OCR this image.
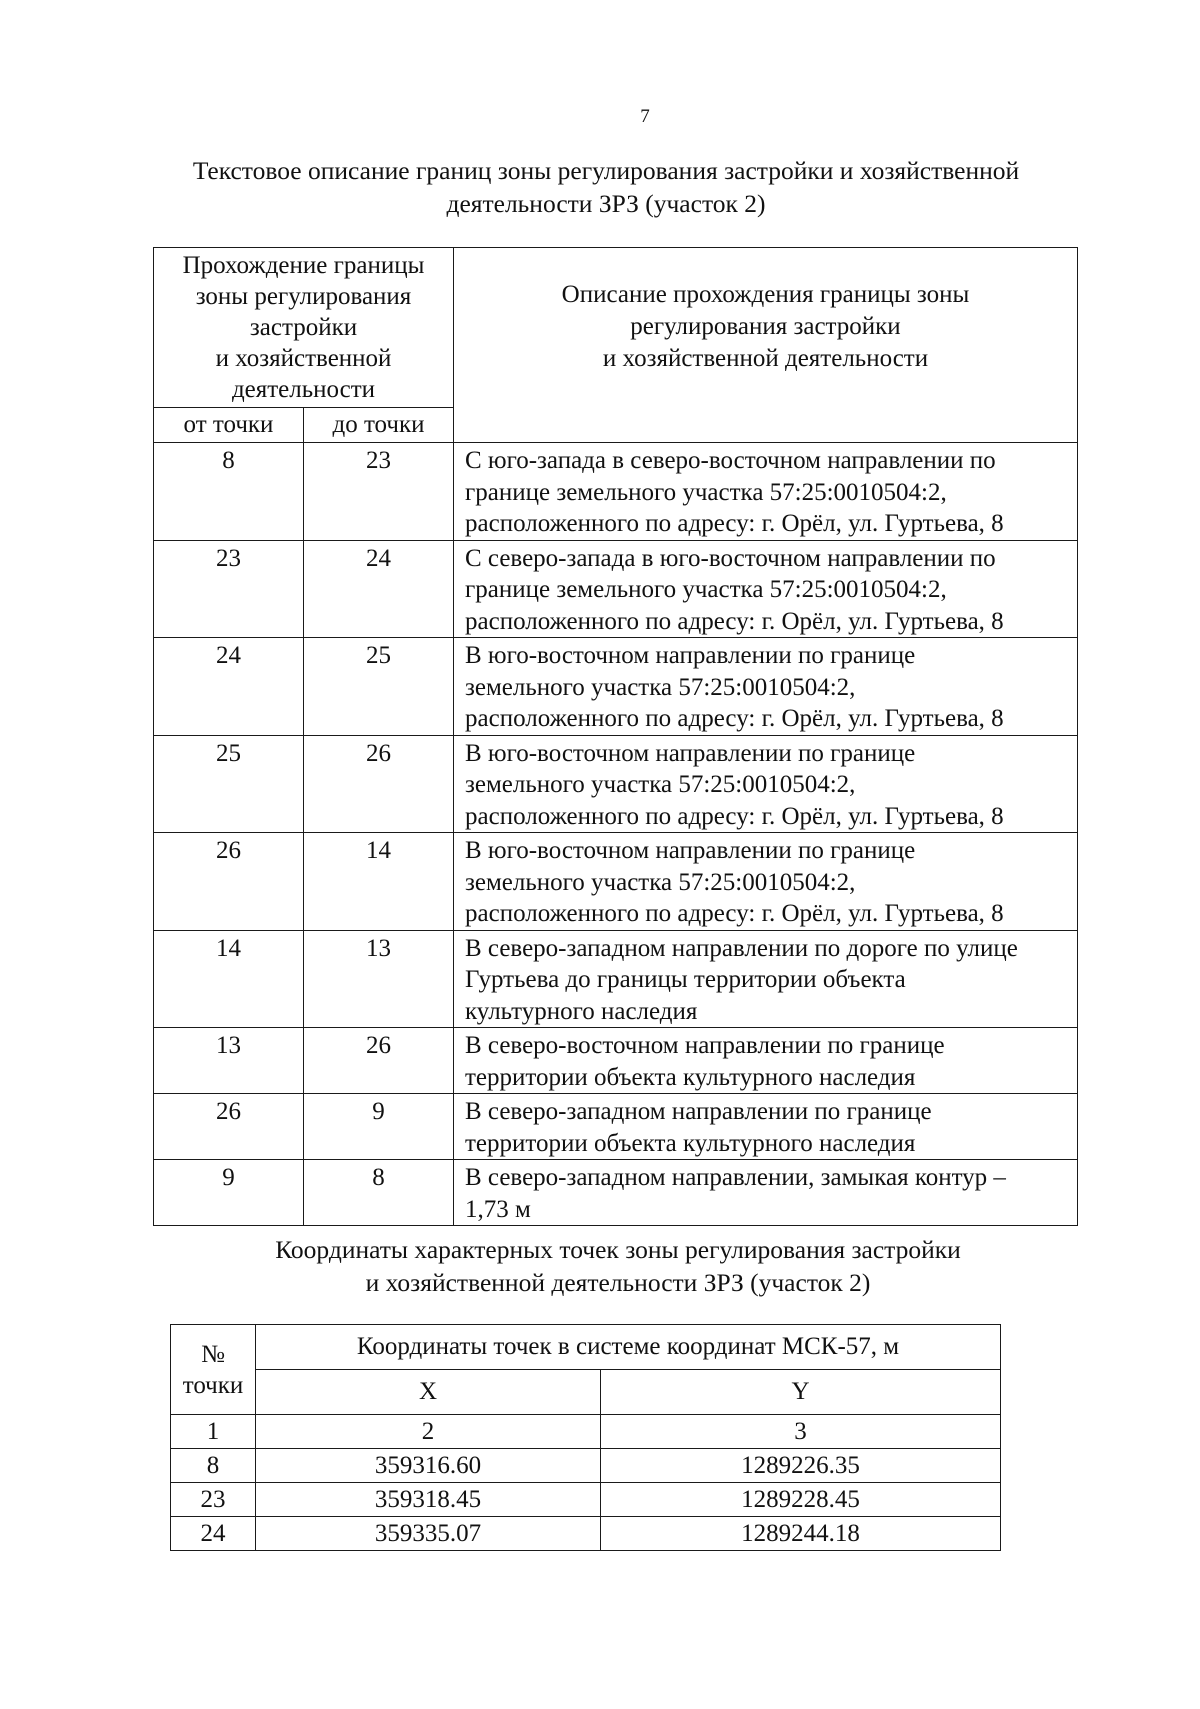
7
Текстовое описание границ зоны регулирования застройки и хозяйственной
деятельности ЗРЗ (участок 2)
Прохождение границы
зоны регулирования
застройки
и хозяйственной
деятельности		Описание прохождения границы зоны
регулирования застройки
и хозяйственной деятельности

от точки	до точки	
8	23	С юго-запада в северо-восточном направлении по
границе земельного участка 57:25:0010504:2,
расположенного по адресу: г. Орёл, ул. Гуртьева, 8

23	24	С северо-запада в юго-восточном направлении по
границе земельного участка 57:25:0010504:2,
расположенного по адресу: г. Орёл, ул. Гуртьева, 8

24	25	В юго-восточном направлении по границе
земельного участка 57:25:0010504:2,
расположенного по адресу: г. Орёл, ул. Гуртьева, 8

25	26	В юго-восточном направлении по границе
земельного участка 57:25:0010504:2,
расположенного по адресу: г. Орёл, ул. Гуртьева, 8

26	14	В юго-восточном направлении по границе
земельного участка 57:25:0010504:2,
расположенного по адресу: г. Орёл, ул. Гуртьева, 8

14	13	В северо-западном направлении по дороге по улице
Гуртьева до границы территории объекта
культурного наследия

13	26	В северо-восточном направлении по границе
территории объекта культурного наследия

26	9	В северо-западном направлении по границе
территории объекта культурного наследия

9	8	В северо-западном направлении, замыкая контур –
1,73 м
Координаты характерных точек зоны регулирования застройки
и хозяйственной деятельности ЗРЗ (участок 2)
№
точки	Координаты точек в системе координат МСК-57, м	
	X	Y
1	2	3
8	359316.60	1289226.35
23	359318.45	1289228.45
24	359335.07	1289244.18
